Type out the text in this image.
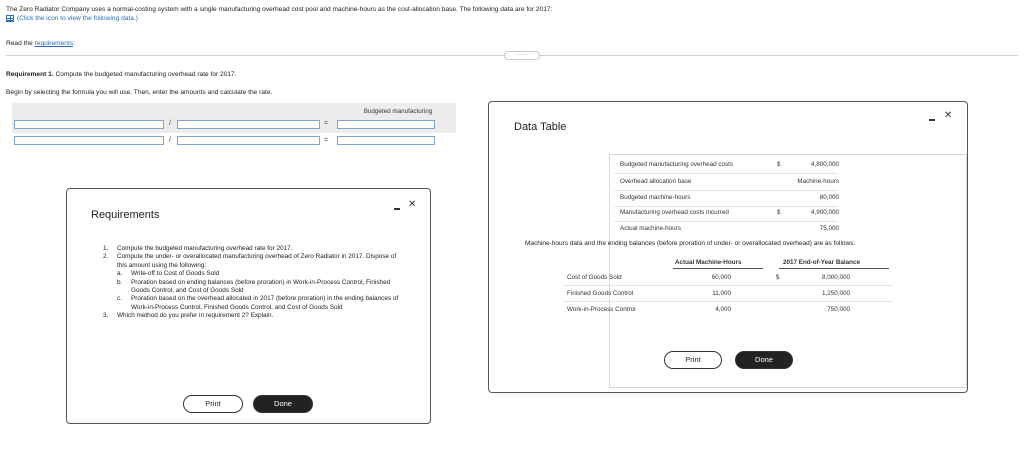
The Zero Radiator Company uses a normal-costing system with a single manufacturing overhead cost pool and machine-hours as the cost-allocation base. The following data are for 2017:
(Click the icon to view the following data.)
Read the requirements.
·····
Requirement 1. Compute the budgeted manufacturing overhead rate for 2017.
Begin by selecting the formula you will use. Then, enter the amounts and calculate the rate.
Budgeted manufacturing
/	=
/	=
Requirements
✕
1.	Compute the budgeted manufacturing overhead rate for 2017.
2.	Compute the under- or overallocated manufacturing overhead of Zero Radiator in 2017. Dispose of this amount using the following:
a.	Write-off to Cost of Goods Sold
b.	Proration based on ending balances (before proration) in Work-in-Process Control, Finished Goods Control, and Cost of Goods Sold
c.	Proration based on the overhead allocated in 2017 (before proration) in the ending balances of Work-in-Process Control, Finished Goods Control, and Cost of Goods Sold
3.	Which method do you prefer in requirement 2? Explain.
Print	Done
Data Table
✕
Budgeted manufacturing overhead costs	$	4,800,000
Overhead allocation base	Machine-hours
Budgeted machine-hours	80,000
Manufacturing overhead costs incurred	$	4,900,000
Actual machine-hours	75,000
Machine-hours data and the ending balances (before proration of under- or overallocated overhead) are as follows:
Actual Machine-Hours	2017 End-of-Year Balance
Cost of Goods Sold	60,000	$	8,000,000
Finished Goods Control	11,000	1,250,000
Work-in-Process Control	4,000	750,000
Print	Done
